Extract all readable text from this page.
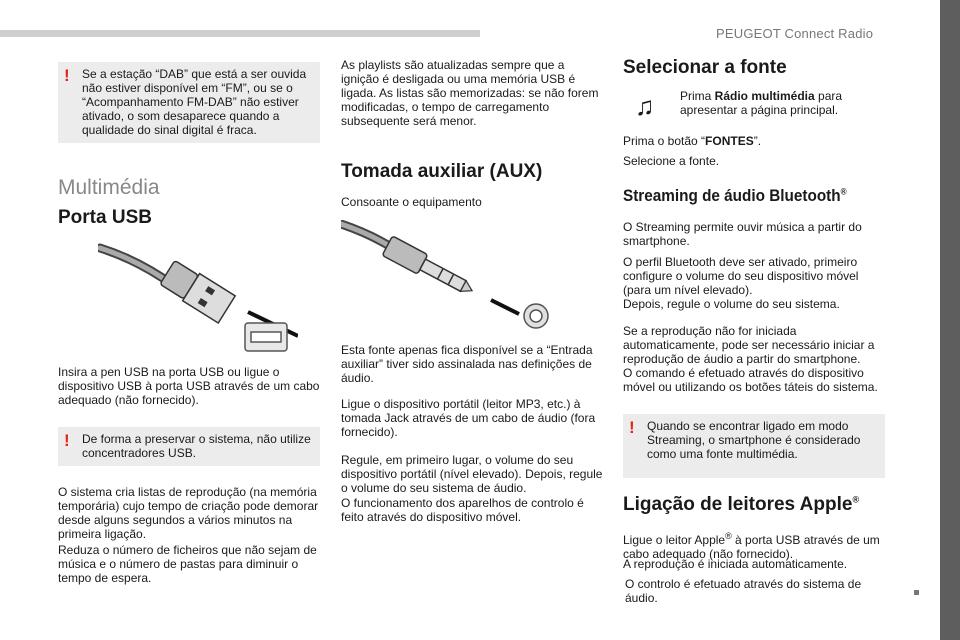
PEUGEOT Connect Radio
! Se a estação “DAB” que está a ser ouvida não estiver disponível em “FM”, ou se o “Acompanhamento FM-DAB” não estiver ativado, o som desaparece quando a qualidade do sinal digital é fraca.
Multimédia
Porta USB

Insira a pen USB na porta USB ou ligue o dispositivo USB à porta USB através de um cabo adequado (não fornecido).

! De forma a preservar o sistema, não utilize concentradores USB.

O sistema cria listas de reprodução (na memória temporária) cujo tempo de criação pode demorar desde alguns segundos a vários minutos na primeira ligação.

Reduza o número de ficheiros que não sejam de música e o número de pastas para diminuir o tempo de espera.

As playlists são atualizadas sempre que a ignição é desligada ou uma memória USB é ligada. As listas são memorizadas: se não forem modificadas, o tempo de carregamento subsequente será menor.

Tomada auxiliar (AUX)

Consoante o equipamento

Esta fonte apenas fica disponível se a “Entrada auxiliar” tiver sido assinalada nas definições de áudio.

Ligue o dispositivo portátil (leitor MP3, etc.) à tomada Jack através de um cabo de áudio (fora fornecido).

Regule, em primeiro lugar, o volume do seu dispositivo portátil (nível elevado). Depois, regule o volume do seu sistema de áudio.

O funcionamento dos aparelhos de controlo é feito através do dispositivo móvel.

Selecionar a fonte
♫	Prima Rádio multimédia para apresentar a página principal.

Prima o botão “FONTES”.

Selecione a fonte.

Streaming de áudio Bluetooth®

O Streaming permite ouvir música a partir do smartphone.

O perfil Bluetooth deve ser ativado, primeiro configure o volume do seu dispositivo móvel (para um nível elevado).

Depois, regule o volume do seu sistema.

Se a reprodução não for iniciada automaticamente, pode ser necessário iniciar a reprodução de áudio a partir do smartphone.

O comando é efetuado através do dispositivo móvel ou utilizando os botões táteis do sistema.

! Quando se encontrar ligado em modo Streaming, o smartphone é considerado como uma fonte multimédia.
Ligação de leitores Apple®

Ligue o leitor Apple® à porta USB através de um cabo adequado (não fornecido).

A reprodução é iniciada automaticamente.

O controlo é efetuado através do sistema de áudio.
